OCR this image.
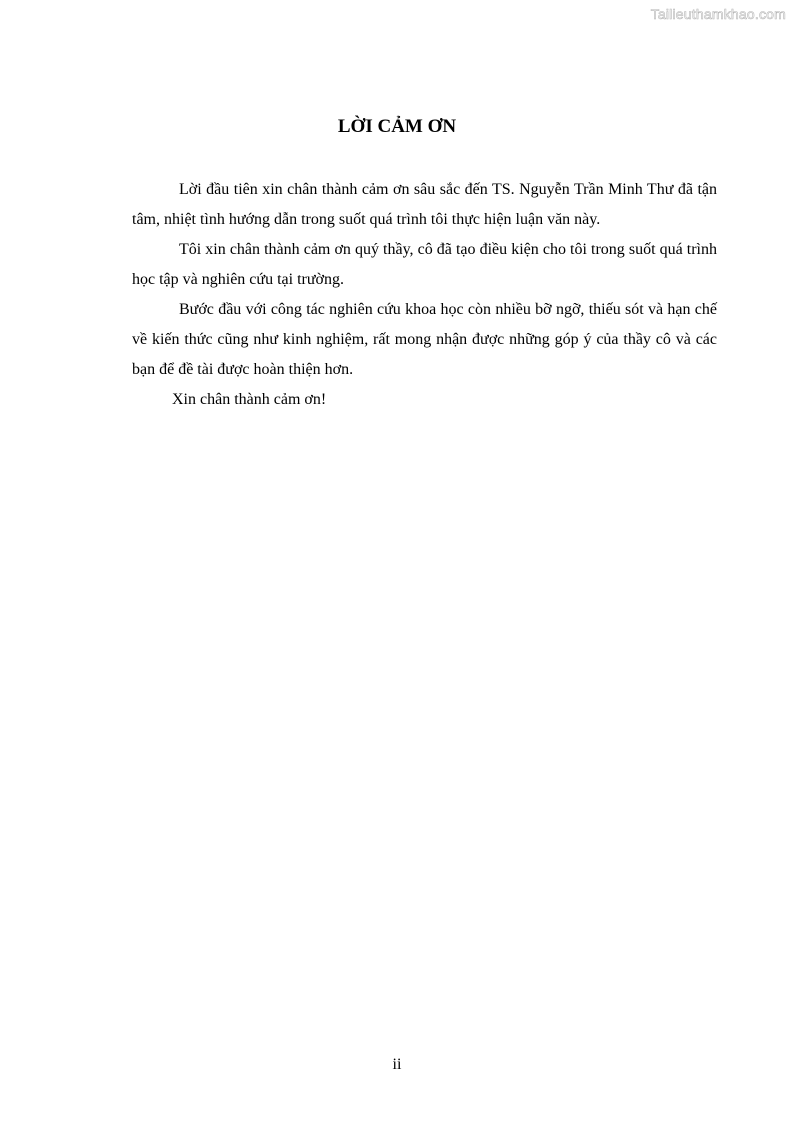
Tailieuthamkhao.com
LỜI CẢM ƠN

Lời đầu tiên xin chân thành cảm ơn sâu sắc đến TS. Nguyễn Trần Minh Thư đã tận tâm, nhiệt tình hướng dẫn trong suốt quá trình tôi thực hiện luận văn này.

Tôi xin chân thành cảm ơn quý thầy, cô đã tạo điều kiện cho tôi trong suốt quá trình học tập và nghiên cứu tại trường.

Bước đầu với công tác nghiên cứu khoa học còn nhiều bỡ ngỡ, thiếu sót và hạn chế về kiến thức cũng như kinh nghiệm, rất mong nhận được những góp ý của thầy cô và các bạn để đề tài được hoàn thiện hơn.

Xin chân thành cảm ơn!

ii
